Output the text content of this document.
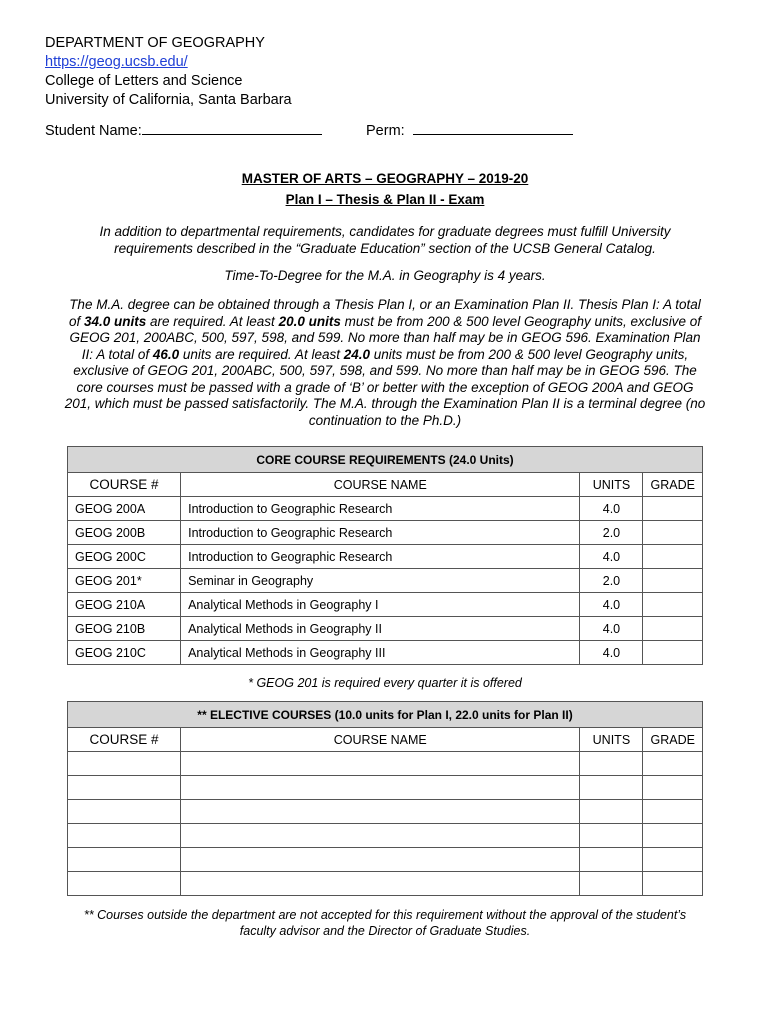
DEPARTMENT OF GEOGRAPHY
https://geog.ucsb.edu/
College of Letters and Science
University of California, Santa Barbara
Student Name:	Perm:
MASTER OF ARTS – GEOGRAPHY – 2019-20
Plan I – Thesis & Plan II - Exam
In addition to departmental requirements, candidates for graduate degrees must fulfill University requirements described in the “Graduate Education” section of the UCSB General Catalog.
Time-To-Degree for the M.A. in Geography is 4 years.
The M.A. degree can be obtained through a Thesis Plan I, or an Examination Plan II. Thesis Plan I: A total of 34.0 units are required. At least 20.0 units must be from 200 & 500 level Geography units, exclusive of GEOG 201, 200ABC, 500, 597, 598, and 599. No more than half may be in GEOG 596. Examination Plan II: A total of 46.0 units are required. At least 24.0 units must be from 200 & 500 level Geography units, exclusive of GEOG 201, 200ABC, 500, 597, 598, and 599. No more than half may be in GEOG 596. The core courses must be passed with a grade of ‘B’ or better with the exception of GEOG 200A and GEOG 201, which must be passed satisfactorily. The M.A. through the Examination Plan II is a terminal degree (no continuation to the Ph.D.)
CORE COURSE REQUIREMENTS (24.0 Units)			
COURSE #	COURSE NAME	UNITS	GRADE
GEOG 200A	Introduction to Geographic Research	4.0	
GEOG 200B	Introduction to Geographic Research	2.0	
GEOG 200C	Introduction to Geographic Research	4.0	
GEOG 201*	Seminar in Geography	2.0	
GEOG 210A	Analytical Methods in Geography I	4.0	
GEOG 210B	Analytical Methods in Geography II	4.0	
GEOG 210C	Analytical Methods in Geography III	4.0	
* GEOG 201 is required every quarter it is offered
** ELECTIVE COURSES (10.0 units for Plan I, 22.0 units for Plan II)			
COURSE #	COURSE NAME	UNITS	GRADE

** Courses outside the department are not accepted for this requirement without the approval of the student’s
faculty advisor and the Director of Graduate Studies.
